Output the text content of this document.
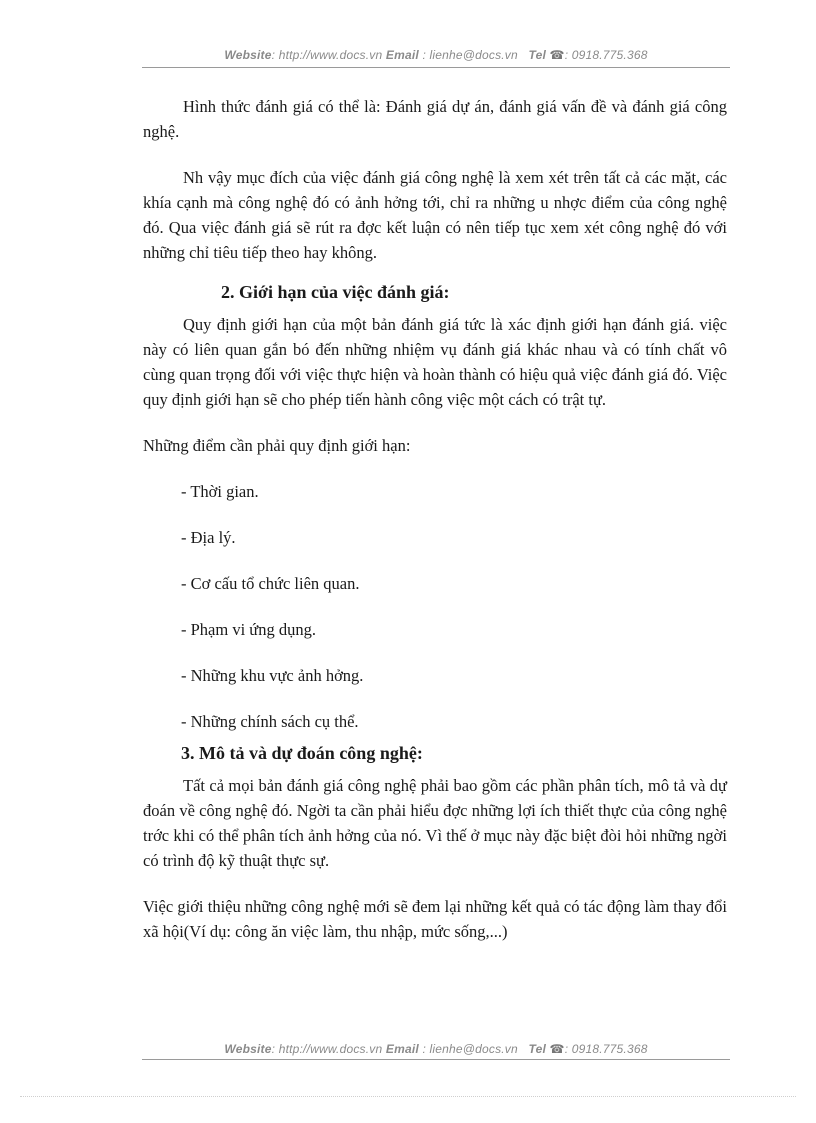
Website: http://www.docs.vn Email : lienhe@docs.vn Tel ☎: 0918.775.368

Hình thức đánh giá có thể là: Đánh giá dự án, đánh giá vấn đề và đánh giá công nghệ.

Nh vậy mục đích của việc đánh giá công nghệ là xem xét trên tất cả các mặt, các khía cạnh mà công nghệ đó có ảnh hởng tới, chỉ ra những u nhợc điểm của công nghệ đó. Qua việc đánh giá sẽ rút ra đợc kết luận có nên tiếp tục xem xét công nghệ đó với những chỉ tiêu tiếp theo hay không.

2. Giới hạn của việc đánh giá:

Quy định giới hạn của một bản đánh giá tức là xác định giới hạn đánh giá. việc này có liên quan gắn bó đến những nhiệm vụ đánh giá khác nhau và có tính chất vô cùng quan trọng đối với việc thực hiện và hoàn thành có hiệu quả việc đánh giá đó. Việc quy định giới hạn sẽ cho phép tiến hành công việc một cách có trật tự.

Những điểm cần phải quy định giới hạn:

- Thời gian.

- Địa lý.

- Cơ cấu tổ chức liên quan.

- Phạm vi ứng dụng.

- Những khu vực ảnh hởng.

- Những chính sách cụ thể.

3. Mô tả và dự đoán công nghệ:

Tất cả mọi bản đánh giá công nghệ phải bao gồm các phần phân tích, mô tả và dự đoán về công nghệ đó. Ngời ta cần phải hiểu đợc những lợi ích thiết thực của công nghệ trớc khi có thể phân tích ảnh hởng của nó. Vì thế ở mục này đặc biệt đòi hỏi những ngời có trình độ kỹ thuật thực sự.

Việc giới thiệu những công nghệ mới sẽ đem lại những kết quả có tác động làm thay đổi xã hội(Ví dụ: công ăn việc làm, thu nhập, mức sống,...)

Website: http://www.docs.vn Email : lienhe@docs.vn Tel ☎: 0918.775.368
